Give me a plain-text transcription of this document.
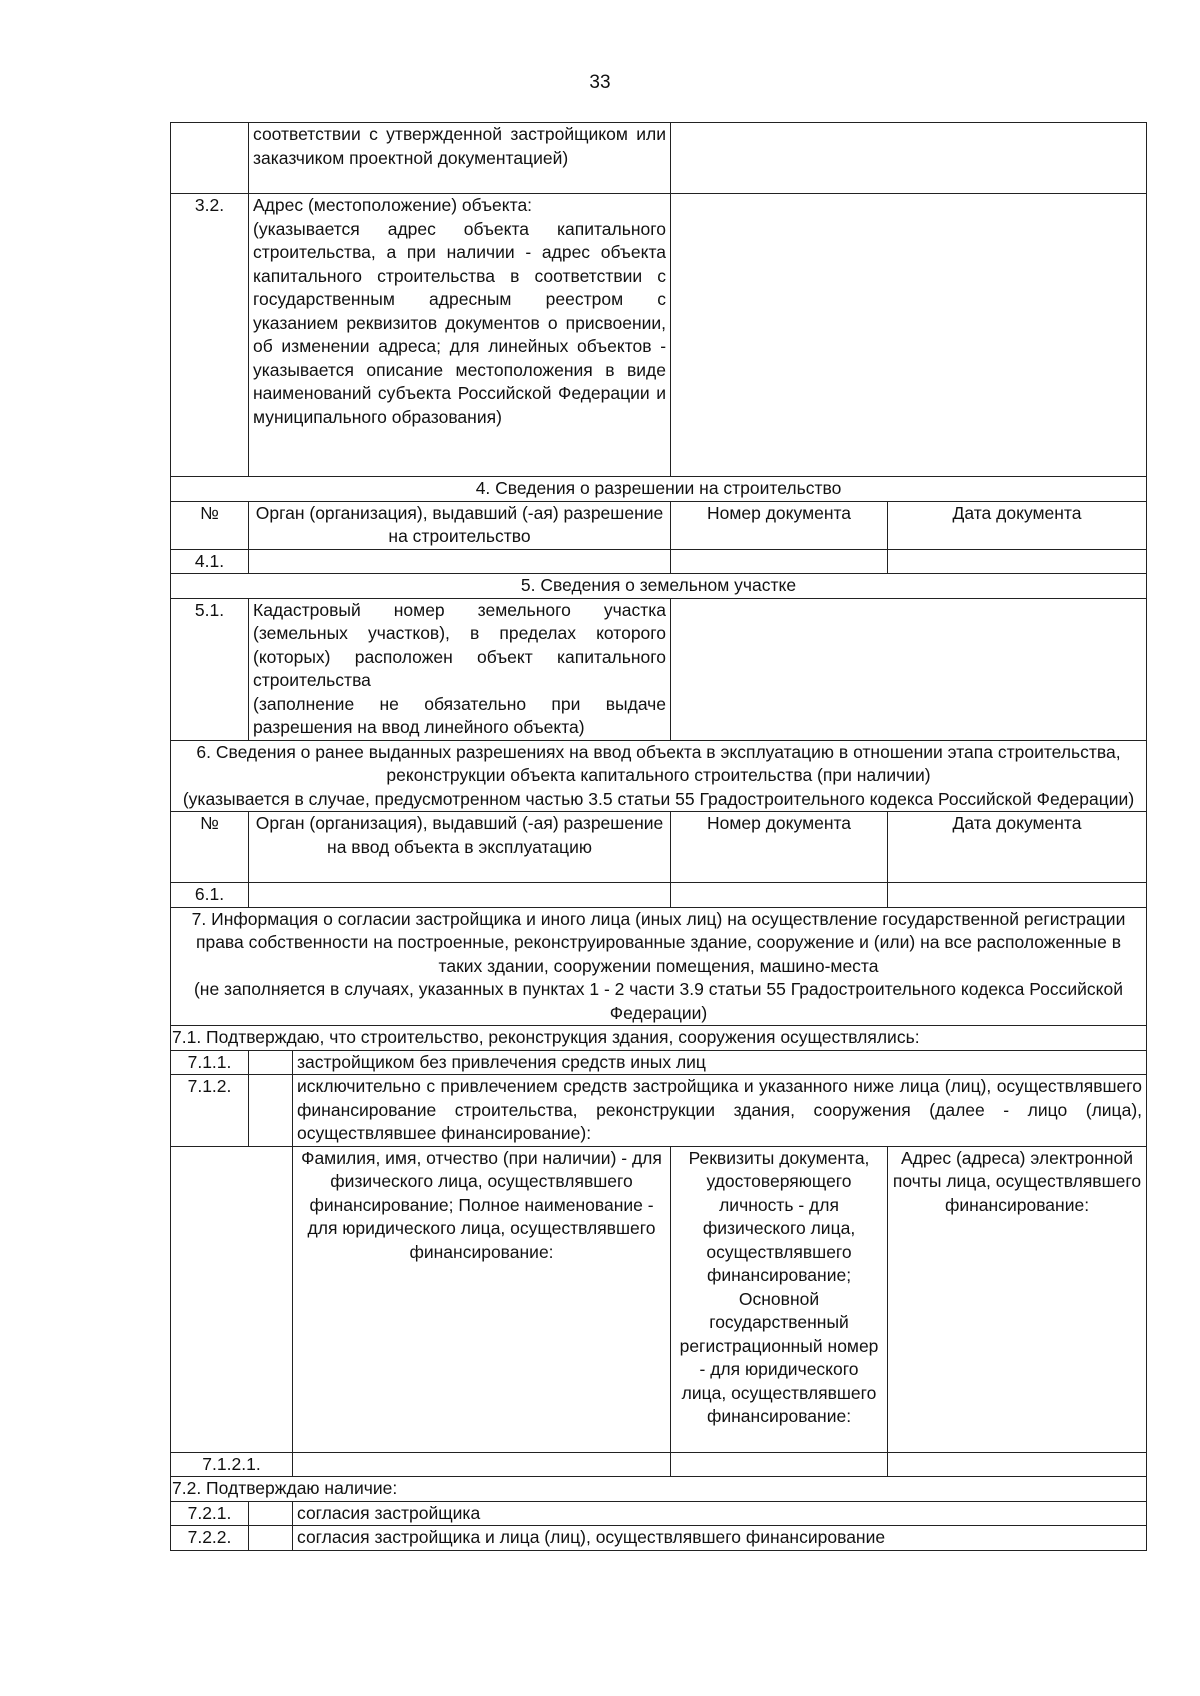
33
	соответствии с утвержденной застройщиком или заказчиком проектной документацией)			
3.2.	Адрес (местоположение) объекта:
(указывается адрес объекта капитального строительства, а при наличии - адрес объекта капитального строительства в соответствии с государственным адресным реестром с указанием реквизитов документов о присвоении, об изменении адреса; для линейных объектов - указывается описание местоположения в виде наименований субъекта Российской Федерации и муниципального образования)			

4. Сведения о разрешении на строительство				
№	Орган (организация), выдавший (-ая) разрешение на строительство		Номер документа	Дата документа
4.1.				
5. Сведения о земельном участке				
5.1.	Кадастровый номер земельного участка (земельных участков), в пределах которого (которых) расположен объект капитального строительства
(заполнение не обязательно при выдаче разрешения на ввод линейного объекта)			

6. Сведения о ранее выданных разрешениях на ввод объекта в эксплуатацию в отношении этапа строительства, реконструкции объекта капитального строительства (при наличии)
(указывается в случае, предусмотренном частью 3.5 статьи 55 Градостроительного кодекса Российской Федерации)				

№	Орган (организация), выдавший (-ая) разрешение на ввод объекта в эксплуатацию		Номер документа	Дата документа
6.1.				

7. Информация о согласии застройщика и иного лица (иных лиц) на осуществление государственной регистрации права собственности на построенные, реконструированные здание, сооружение и (или) на все расположенные в таких здании, сооружении помещения, машино-места
(не заполняется в случаях, указанных в пунктах 1 - 2 части 3.9 статьи 55 Градостроительного кодекса Российской Федерации)				

7.1. Подтверждаю, что строительство, реконструкция здания, сооружения осуществлялись:				
7.1.1.		застройщиком без привлечения средств иных лиц		
7.1.2.		исключительно с привлечением средств застройщика и указанного ниже лица (лиц), осуществлявшего финансирование строительства, реконструкции здания, сооружения (далее - лицо (лица), осуществлявшее финансирование):		
		Фамилия, имя, отчество (при наличии) - для физического лица, осуществлявшего финансирование; Полное наименование - для юридического лица, осуществлявшего финансирование:	Реквизиты документа, удостоверяющего личность - для физического лица, осуществлявшего финансирование; Основной государственный регистрационный номер - для юридического лица, осуществлявшего финансирование:	Адрес (адреса) электронной почты лица, осуществлявшего финансирование:
7.1.2.1.				
7.2. Подтверждаю наличие:				
7.2.1.		согласия застройщика		
7.2.2.		согласия застройщика и лица (лиц), осуществлявшего финансирование		
